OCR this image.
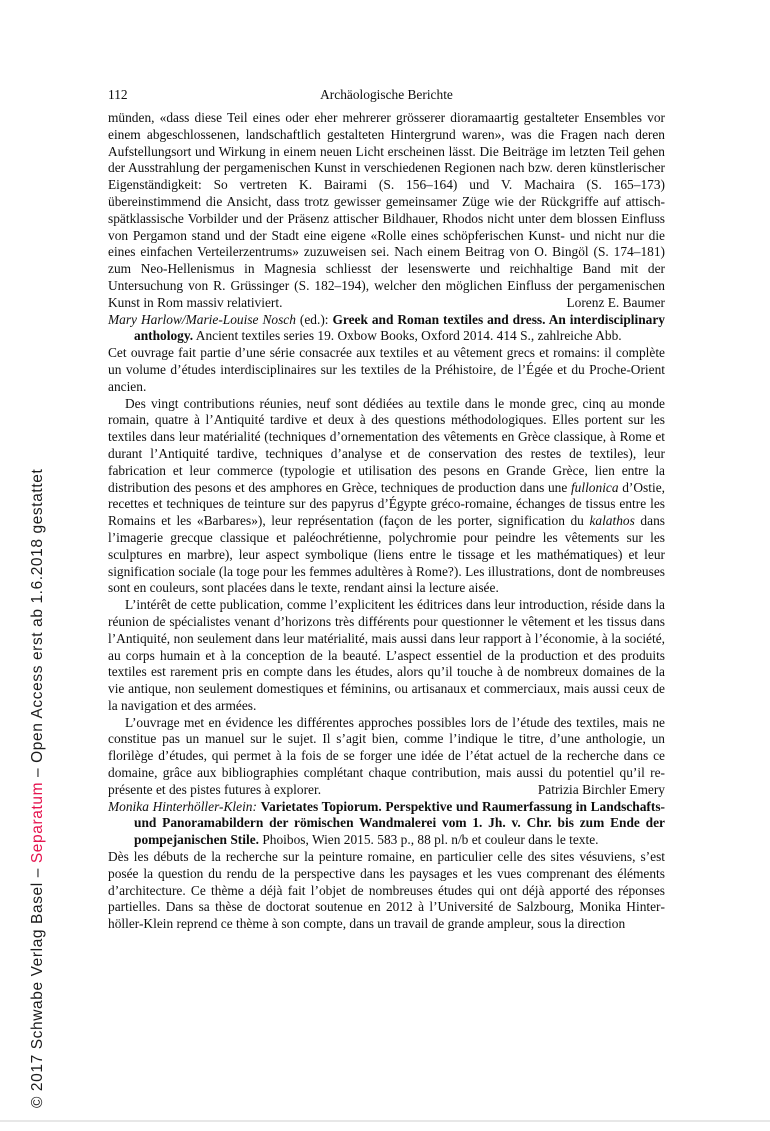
© 2017 Schwabe Verlag Basel – Separatum – Open Access erst ab 1.6.2018 gestattet
112	Archäologische Berichte

münden, «dass diese Teil eines oder eher mehrerer grösserer dioramaartig gestalteter Ensembles vor einem abgeschlossenen, landschaftlich gestalteten Hintergrund waren», was die Fragen nach deren Aufstellungsort und Wirkung in einem neuen Licht erscheinen lässt. Die Beiträge im letzten Teil gehen der Ausstrahlung der pergamenischen Kunst in verschiedenen Regionen nach bzw. deren künstlerischer Eigenständigkeit: So vertreten K. Bairami (S. 156–164) und V. Machaira (S. 165–173) übereinstimmend die Ansicht, dass trotz gewisser gemeinsamer Züge wie der Rückgriffe auf attisch-spätklassische Vorbilder und der Präsenz attischer Bildhauer, Rhodos nicht unter dem blossen Einfluss von Pergamon stand und der Stadt eine eigene «Rolle eines schöpferischen Kunst- und nicht nur die eines einfachen Verteilerzentrums» zuzuweisen sei. Nach einem Beitrag von O. Bingöl (S. 174–181) zum Neo-Hellenismus in Magnesia schliesst der lesenswerte und reichhaltige Band mit der Untersuchung von R. Grüssinger (S. 182–194), welcher den möglichen Einfluss der pergamenischen Kunst in Rom massiv relativiert.	Lorenz E. Baumer

Mary Harlow/Marie-Louise Nosch (ed.): Greek and Roman textiles and dress. An interdisciplinary anthology. Ancient textiles series 19. Oxbow Books, Oxford 2014. 414 S., zahlreiche Abb.

Cet ouvrage fait partie d’une série consacrée aux textiles et au vêtement grecs et romains: il complète un volume d’études interdisciplinaires sur les textiles de la Préhistoire, de l’Égée et du Proche-Orient ancien.

Des vingt contributions réunies, neuf sont dédiées au textile dans le monde grec, cinq au monde romain, quatre à l’Antiquité tardive et deux à des questions méthodologiques. Elles portent sur les textiles dans leur matérialité (techniques d’ornementation des vêtements en Grèce classique, à Rome et durant l’Antiquité tardive, techniques d’analyse et de conservation des restes de textiles), leur fabrication et leur commerce (typologie et utilisation des pesons en Grande Grèce, lien entre la distribution des pesons et des amphores en Grèce, techniques de production dans une fullonica d’Ostie, recettes et techniques de teinture sur des papyrus d’Égypte gréco-romaine, échanges de tissus entre les Romains et les «Barbares»), leur représentation (façon de les porter, signification du kalathos dans l’imagerie grecque classique et paléochrétienne, polychromie pour peindre les vêtements sur les sculptures en marbre), leur aspect symbolique (liens entre le tissage et les mathématiques) et leur signification sociale (la toge pour les femmes adultères à Rome?). Les illustrations, dont de nombreuses sont en couleurs, sont placées dans le texte, rendant ainsi la lecture aisée.

L’intérêt de cette publication, comme l’explicitent les éditrices dans leur introduction, réside dans la réunion de spécialistes venant d’horizons très différents pour questionner le vêtement et les tissus dans l’Antiquité, non seulement dans leur matérialité, mais aussi dans leur rapport à l’économie, à la société, au corps humain et à la conception de la beauté. L’aspect essentiel de la production et des produits textiles est rarement pris en compte dans les études, alors qu’il touche à de nombreux domaines de la vie antique, non seulement domestiques et féminins, ou artisanaux et commerciaux, mais aussi ceux de la navigation et des armées.

L’ouvrage met en évidence les différentes approches possibles lors de l’étude des textiles, mais ne constitue pas un manuel sur le sujet. Il s’agit bien, comme l’indique le titre, d’une anthologie, un florilège d’études, qui permet à la fois de se forger une idée de l’état actuel de la recherche dans ce domaine, grâce aux bibliographies complétant chaque contribution, mais aussi du potentiel qu’il représente et des pistes futures à explorer.	Patrizia Birchler Emery

Monika Hinterhöller-Klein: Varietates Topiorum. Perspektive und Raumerfassung in Landschafts- und Panoramabildern der römischen Wandmalerei vom 1. Jh. v. Chr. bis zum Ende der pompejanischen Stile. Phoibos, Wien 2015. 583 p., 88 pl. n/b et couleur dans le texte.

Dès les débuts de la recherche sur la peinture romaine, en particulier celle des sites vésuviens, s’est posée la question du rendu de la perspective dans les paysages et les vues comprenant des éléments d’architecture. Ce thème a déjà fait l’objet de nombreuses études qui ont déjà apporté des réponses partielles. Dans sa thèse de doctorat soutenue en 2012 à l’Université de Salzbourg, Monika Hinterhöller-Klein reprend ce thème à son compte, dans un travail de grande ampleur, sous la direction
